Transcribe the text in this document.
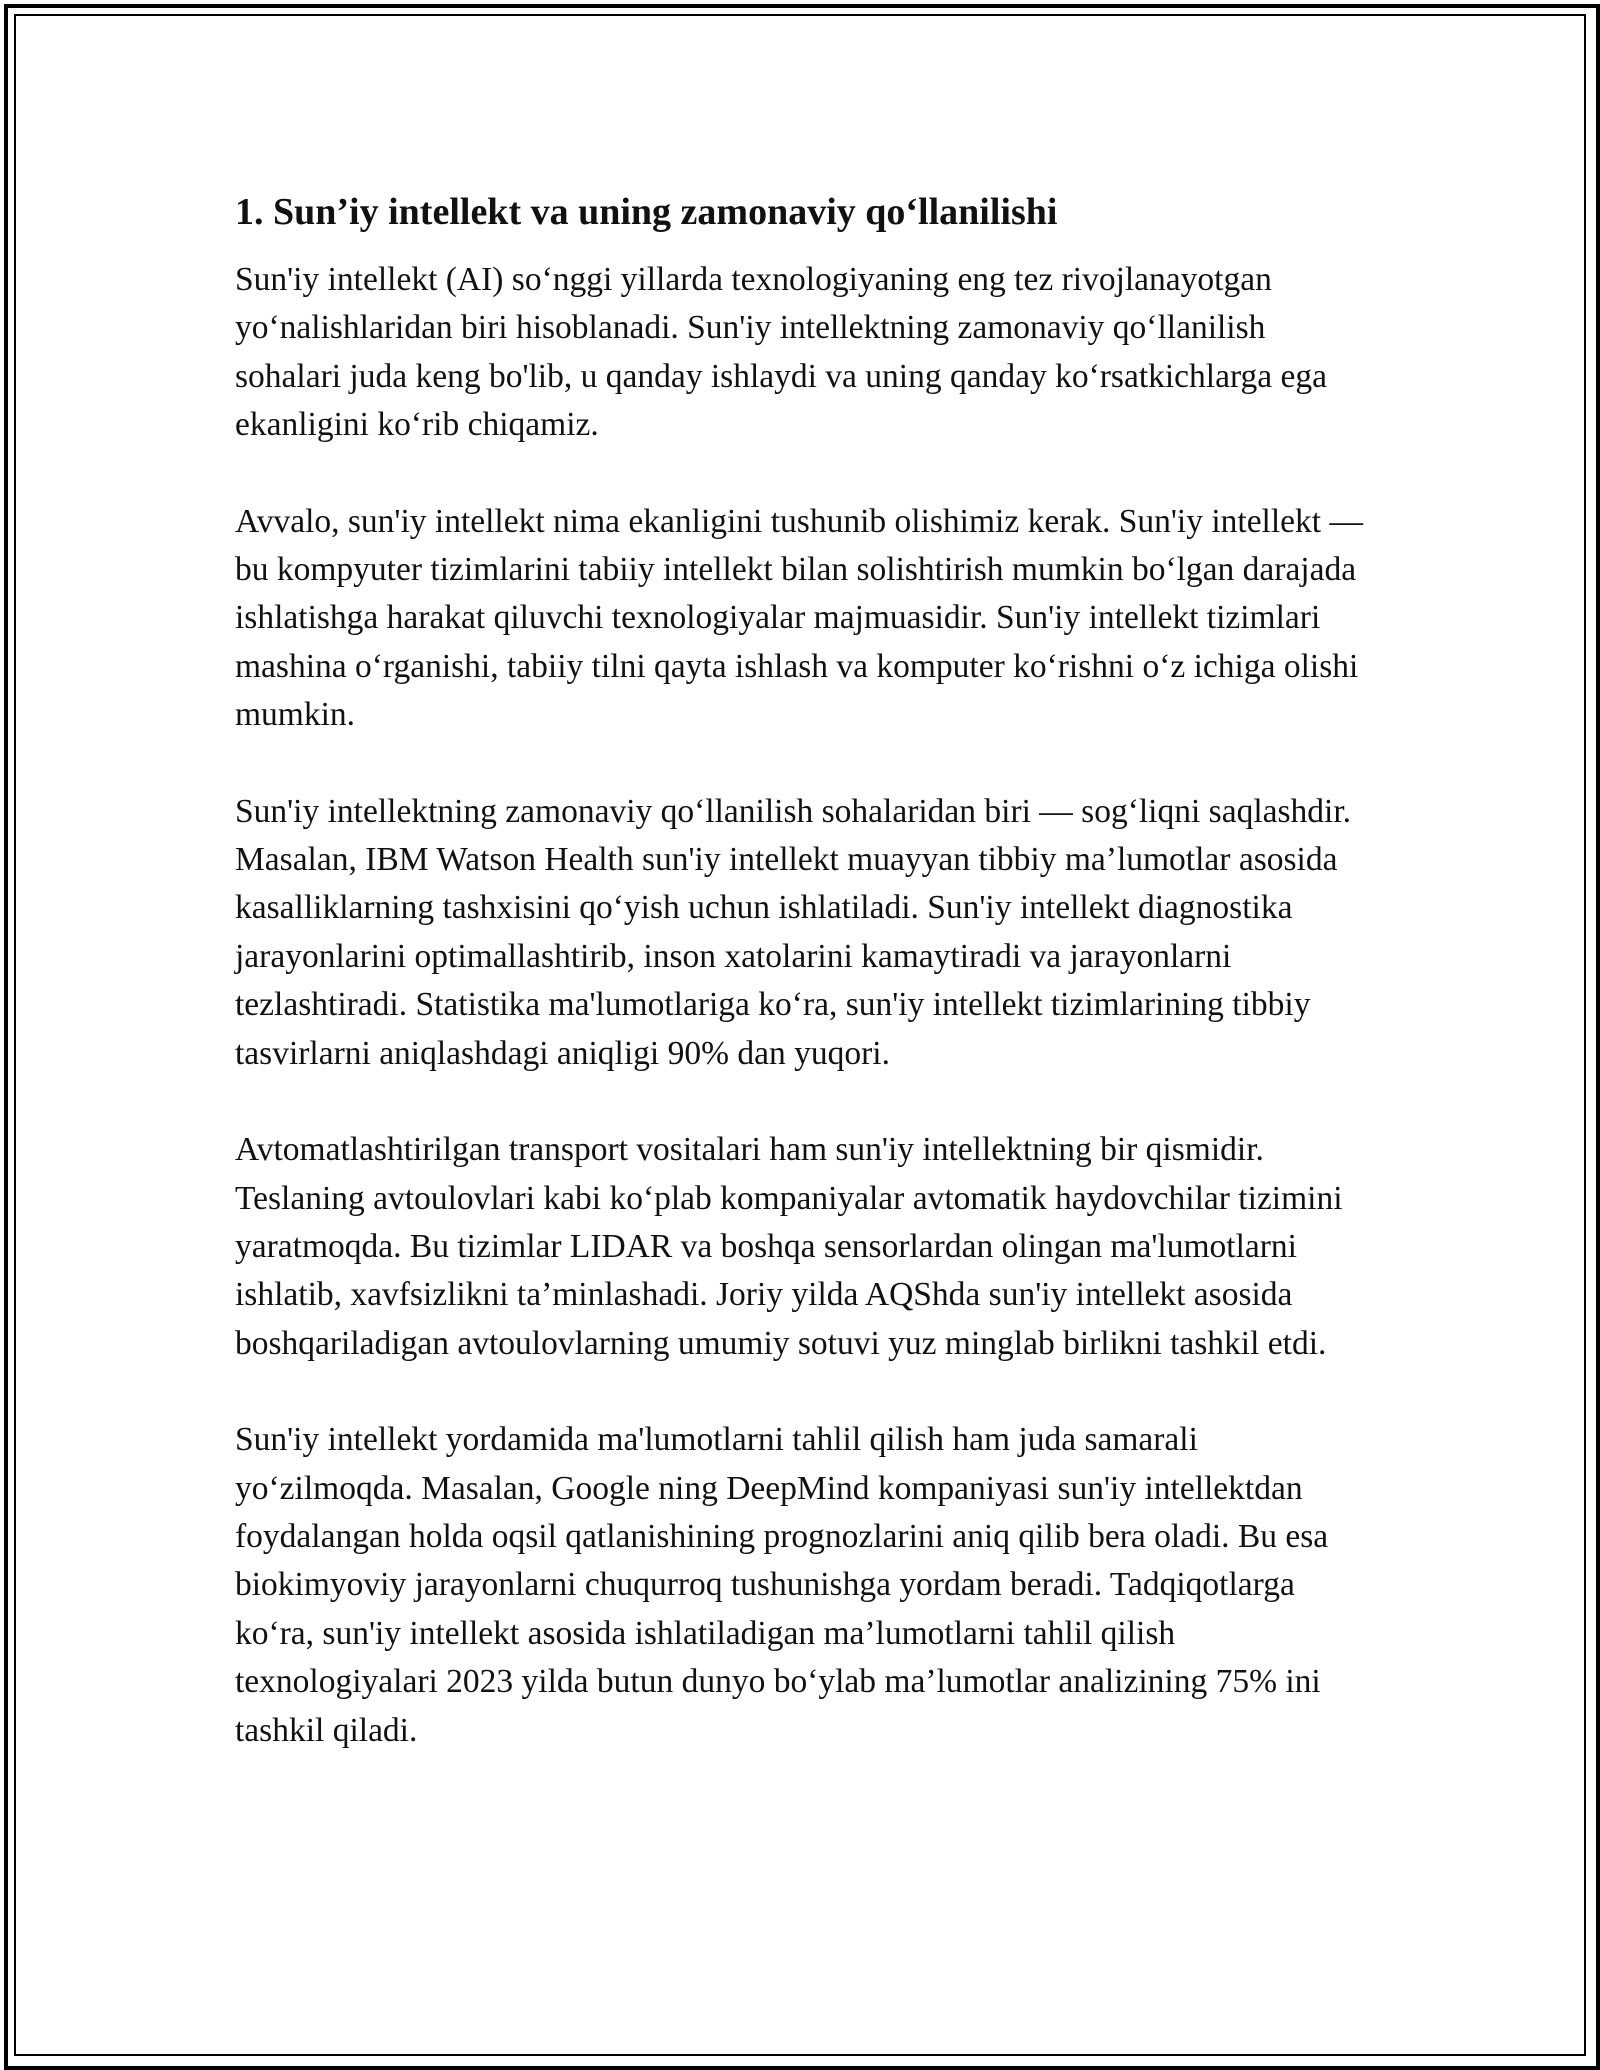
1. Sun’iy intellekt va uning zamonaviy qo‘llanilishi

Sun'iy intellekt (AI) so‘nggi yillarda texnologiyaning eng tez rivojlanayotgan yo‘nalishlaridan biri hisoblanadi. Sun'iy intellektning zamonaviy qo‘llanilish sohalari juda keng bo'lib, u qanday ishlaydi va uning qanday ko‘rsatkichlarga ega ekanligini ko‘rib chiqamiz.

Avvalo, sun'iy intellekt nima ekanligini tushunib olishimiz kerak. Sun'iy intellekt — bu kompyuter tizimlarini tabiiy intellekt bilan solishtirish mumkin bo‘lgan darajada ishlatishga harakat qiluvchi texnologiyalar majmuasidir. Sun'iy intellekt tizimlari mashina o‘rganishi, tabiiy tilni qayta ishlash va komputer ko‘rishni o‘z ichiga olishi mumkin.

Sun'iy intellektning zamonaviy qo‘llanilish sohalaridan biri — sog‘liqni saqlashdir. Masalan, IBM Watson Health sun'iy intellekt muayyan tibbiy ma’lumotlar asosida kasalliklarning tashxisini qo‘yish uchun ishlatiladi. Sun'iy intellekt diagnostika jarayonlarini optimallashtirib, inson xatolarini kamaytiradi va jarayonlarni tezlashtiradi. Statistika ma'lumotlariga ko‘ra, sun'iy intellekt tizimlarining tibbiy tasvirlarni aniqlashdagi aniqligi 90% dan yuqori.

Avtomatlashtirilgan transport vositalari ham sun'iy intellektning bir qismidir. Teslaning avtoulovlari kabi ko‘plab kompaniyalar avtomatik haydovchilar tizimini yaratmoqda. Bu tizimlar LIDAR va boshqa sensorlardan olingan ma'lumotlarni ishlatib, xavfsizlikni ta’minlashadi. Joriy yilda AQShda sun'iy intellekt asosida boshqariladigan avtoulovlarning umumiy sotuvi yuz minglab birlikni tashkil etdi.

Sun'iy intellekt yordamida ma'lumotlarni tahlil qilish ham juda samarali yo‘zilmoqda. Masalan, Google ning DeepMind kompaniyasi sun'iy intellektdan foydalangan holda oqsil qatlanishining prognozlarini aniq qilib bera oladi. Bu esa biokimyoviy jarayonlarni chuqurroq tushunishga yordam beradi. Tadqiqotlarga ko‘ra, sun'iy intellekt asosida ishlatiladigan ma’lumotlarni tahlil qilish texnologiyalari 2023 yilda butun dunyo bo‘ylab ma’lumotlar analizining 75% ini tashkil qiladi.
